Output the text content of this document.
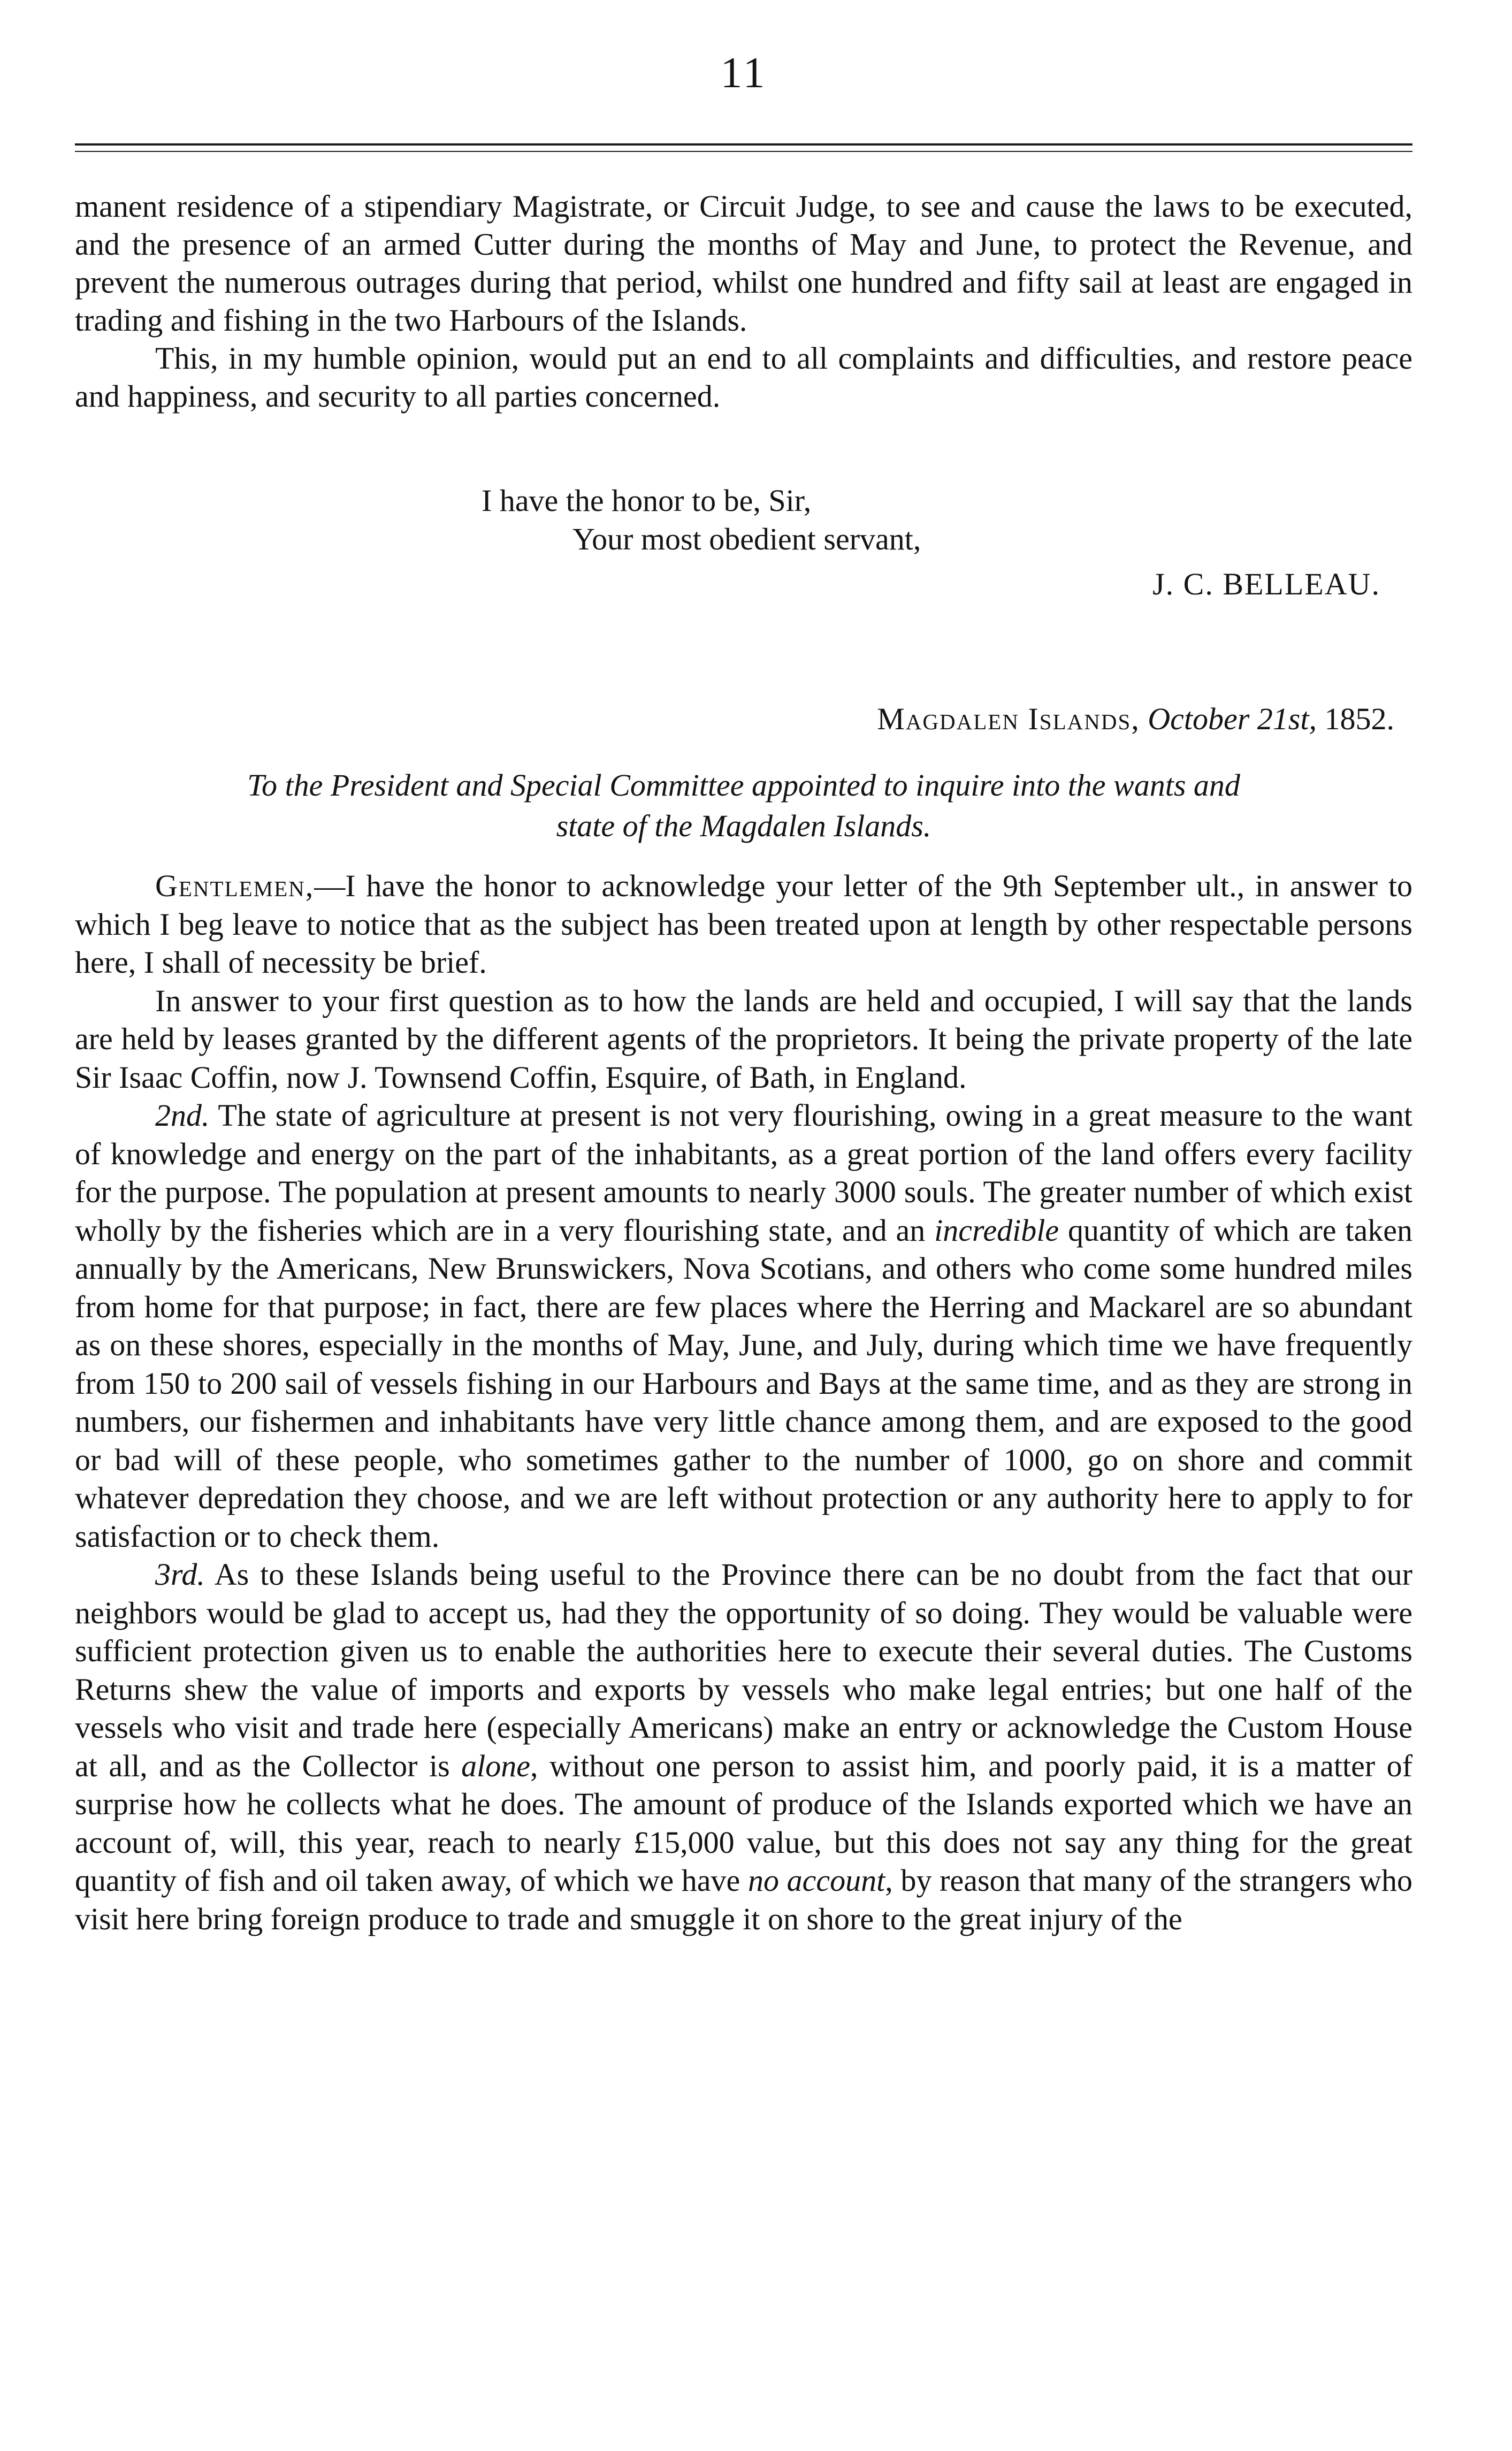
11

manent residence of a stipendiary Magistrate, or Circuit Judge, to see and cause the laws to be executed, and the presence of an armed Cutter during the months of May and June, to protect the Revenue, and prevent the numerous outrages during that period, whilst one hundred and fifty sail at least are engaged in trading and fishing in the two Harbours of the Islands.

This, in my humble opinion, would put an end to all complaints and difficulties, and restore peace and happiness, and security to all parties concerned.

I have the honor to be, Sir,
Your most obedient servant,
J. C. BELLEAU.
Magdalen Islands, October 21st, 1852.
To the President and Special Committee appointed to inquire into the wants and
state of the Magdalen Islands.

Gentlemen,—I have the honor to acknowledge your letter of the 9th September ult., in answer to which I beg leave to notice that as the subject has been treated upon at length by other respectable persons here, I shall of necessity be brief.

In answer to your first question as to how the lands are held and occupied, I will say that the lands are held by leases granted by the different agents of the proprietors. It being the private property of the late Sir Isaac Coffin, now J. Townsend Coffin, Esquire, of Bath, in England.

2nd. The state of agriculture at present is not very flourishing, owing in a great measure to the want of knowledge and energy on the part of the inhabitants, as a great portion of the land offers every facility for the purpose. The population at present amounts to nearly 3000 souls. The greater number of which exist wholly by the fisheries which are in a very flourishing state, and an incredible quantity of which are taken annually by the Americans, New Brunswickers, Nova Scotians, and others who come some hundred miles from home for that purpose; in fact, there are few places where the Herring and Mackarel are so abundant as on these shores, especially in the months of May, June, and July, during which time we have frequently from 150 to 200 sail of vessels fishing in our Harbours and Bays at the same time, and as they are strong in numbers, our fishermen and inhabitants have very little chance among them, and are exposed to the good or bad will of these people, who sometimes gather to the number of 1000, go on shore and commit whatever depredation they choose, and we are left without protection or any authority here to apply to for satisfaction or to check them.

3rd. As to these Islands being useful to the Province there can be no doubt from the fact that our neighbors would be glad to accept us, had they the opportunity of so doing. They would be valuable were sufficient protection given us to enable the authorities here to execute their several duties. The Customs Returns shew the value of imports and exports by vessels who make legal entries; but one half of the vessels who visit and trade here (especially Americans) make an entry or acknowledge the Custom House at all, and as the Collector is alone, without one person to assist him, and poorly paid, it is a matter of surprise how he collects what he does. The amount of produce of the Islands exported which we have an account of, will, this year, reach to nearly £15,000 value, but this does not say any thing for the great quantity of fish and oil taken away, of which we have no account, by reason that many of the strangers who visit here bring foreign produce to trade and smuggle it on shore to the great injury of the
